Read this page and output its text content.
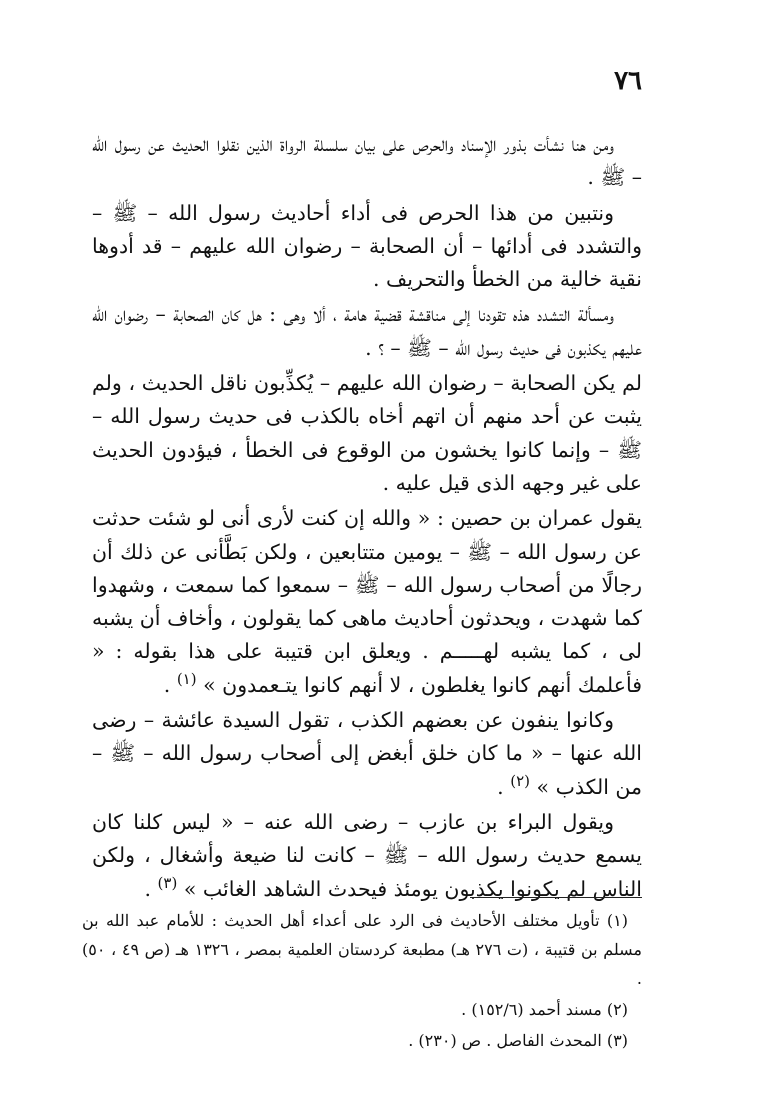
٧٦

ومن هنا نشأت بذور الإسناد والحرص على بيان سلسلة الرواة الذين نقلوا الحديث عن رسول الله – ﷺ .

ونتبين من هذا الحرص فى أداء أحاديث رسول الله – ﷺ – والتشدد فى أدائها – أن الصحابة – رضوان الله عليهم – قد أدوها نقية خالية من الخطأ والتحريف .

ومسألة التشدد هذه تقودنا إلى مناقشة قضية هامة ، ألا وهى : هل كان الصحابة – رضوان الله عليهم يكذبون فى حديث رسول الله – ﷺ – ؟ .

لم يكن الصحابة – رضوان الله عليهم – يُكذِّبون ناقل الحديث ، ولم يثبت عن أحد منهم أن اتهم أخاه بالكذب فى حديث رسول الله – ﷺ – وإنما كانوا يخشون من الوقوع فى الخطأ ، فيؤدون الحديث على غير وجهه الذى قيل عليه .

يقول عمران بن حصين : « والله إن كنت لأرى أنى لو شئت حدثت عن رسول الله – ﷺ – يومين متتابعين ، ولكن بَطَّأنى عن ذلك أن رجالًا من أصحاب رسول الله – ﷺ – سمعوا كما سمعت ، وشهدوا كما شهدت ، ويحدثون أحاديث ماهى كما يقولون ، وأخاف أن يشبه لى ، كما يشبه لهـــــم . ويعلق ابن قتيبة على هذا بقوله : « فأعلمك أنهم كانوا يغلطون ، لا أنهم كانوا يتـعمدون » $^{(١)}$ .

وكانوا ينفون عن بعضهم الكذب ، تقول السيدة عائشة – رضى الله عنها – « ما كان خلق أبغض إلى أصحاب رسول الله – ﷺ – من الكذب » $^{(٢)}$ .

ويقول البراء بن عازب – رضى الله عنه – « ليس كلنا كان يسمع حديث رسول الله – ﷺ – كانت لنا ضيعة وأشغال ، ولكن الناس لم يكونوا يكذبون يومئذ فيحدث الشاهد الغائب » $^{(٣)}$ .

(١) تأويل مختلف الأحاديث فى الرد على أعداء أهل الحديث : للأمام عبد الله بن مسلم بن قتيبة ، (ت ٢٧٦ هـ) مطبعة كردستان العلمية بمصر ، ١٣٢٦ هـ (ص ٤٩ ، ٥٠) .

(٢) مسند أحمد (١٥٢/٦) .

(٣) المحدث الفاصل . ص (٢٣٠) .
